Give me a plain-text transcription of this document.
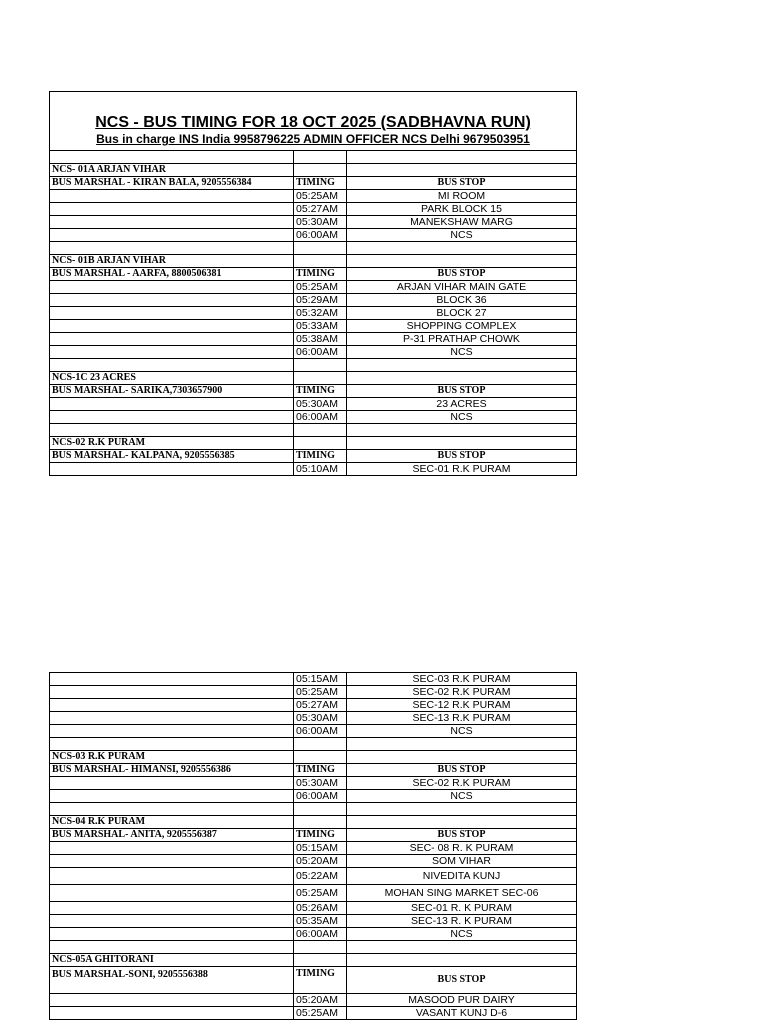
NCS - BUS TIMING FOR 18 OCT 2025 (SADBHAVNA RUN)
Bus in charge INS India 9958796225 ADMIN OFFICER NCS Delhi 9679503951

NCS- 01A ARJAN VIHAR		
BUS MARSHAL - KIRAN BALA, 9205556384	TIMING	BUS STOP
	05:25AM	MI ROOM
	05:27AM	PARK BLOCK 15
	05:30AM	MANEKSHAW MARG
	06:00AM	NCS

NCS- 01B ARJAN VIHAR		
BUS MARSHAL - AARFA, 8800506381	TIMING	BUS STOP
	05:25AM	ARJAN VIHAR MAIN GATE
	05:29AM	BLOCK 36
	05:32AM	BLOCK 27
	05:33AM	SHOPPING COMPLEX
	05:38AM	P-31 PRATHAP CHOWK
	06:00AM	NCS

NCS-1C 23 ACRES		
BUS MARSHAL- SARIKA,7303657900	TIMING	BUS STOP
	05:30AM	23 ACRES
	06:00AM	NCS

NCS-02 R.K PURAM		
BUS MARSHAL- KALPANA, 9205556385	TIMING	BUS STOP
	05:10AM	SEC-01 R.K PURAM
	05:15AM	SEC-03 R.K PURAM
	05:25AM	SEC-02 R.K PURAM
	05:27AM	SEC-12 R.K PURAM
	05:30AM	SEC-13 R.K PURAM
	06:00AM	NCS

NCS-03 R.K PURAM		
BUS MARSHAL- HIMANSI, 9205556386	TIMING	BUS STOP
	05:30AM	SEC-02 R.K PURAM
	06:00AM	NCS

NCS-04 R.K PURAM		
BUS MARSHAL- ANITA, 9205556387	TIMING	BUS STOP
	05:15AM	SEC- 08 R. K PURAM
	05:20AM	SOM VIHAR
	05:22AM	NIVEDITA KUNJ
	05:25AM	MOHAN SING MARKET SEC-06
	05:26AM	SEC-01 R. K PURAM
	05:35AM	SEC-13 R. K PURAM
	06:00AM	NCS

NCS-05A GHITORANI		
BUS MARSHAL-SONI, 9205556388	TIMING	BUS STOP
	05:20AM	MASOOD PUR DAIRY
	05:25AM	VASANT KUNJ D-6
